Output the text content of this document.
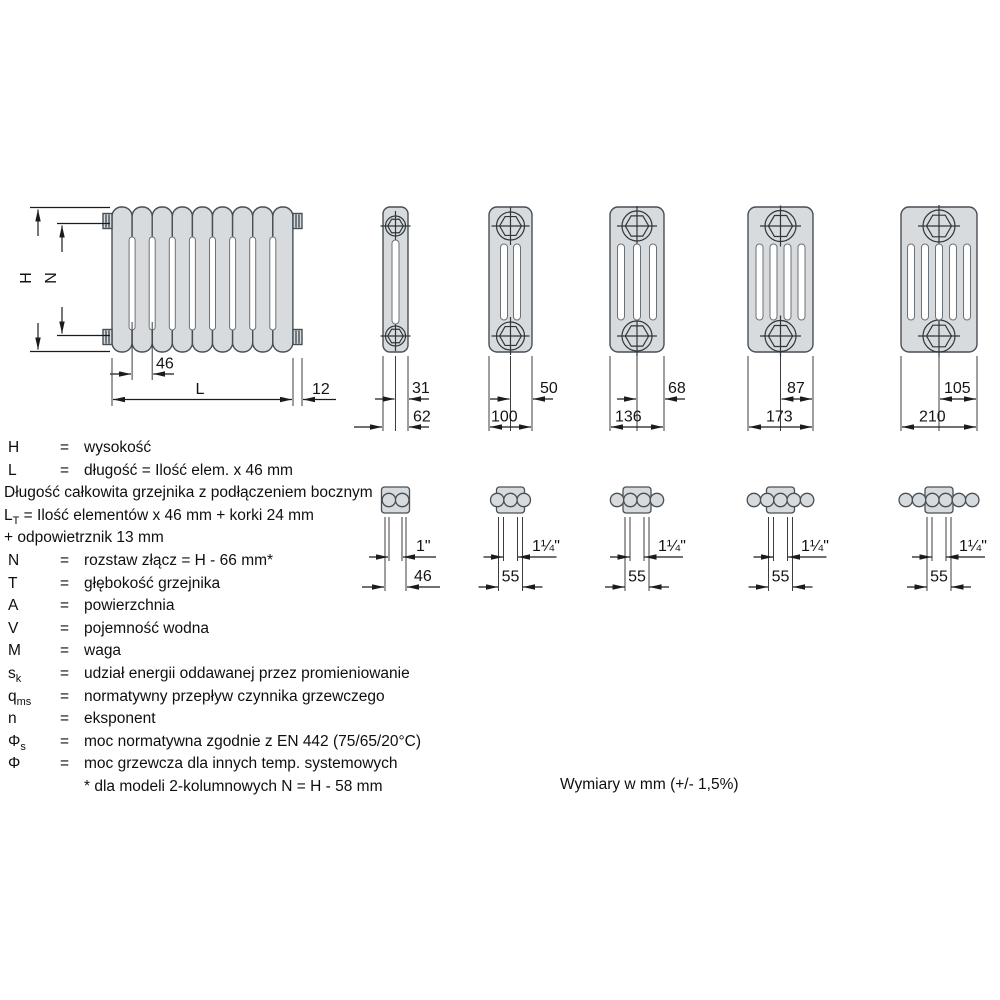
H N
46
L	12	31
62
50
100
68
136
87
173
105
210
1"
46
1¼"
55
1¼"
55
1¼"
55
1¼"
55
H	= wysokość
L	= długość = Ilość elem. x 46 mm
Długość całkowita grzejnika z podłączeniem bocznym
$L_T$ = Ilość elementów x 46 mm + korki 24 mm
+ odpowietrznik 13 mm
N	= rozstaw złącz = H - 66 mm*
T	= głębokość grzejnika
A	= powierzchnia
V	= pojemność wodna
M	= waga
$s_k$	= udział energii oddawanej przez promieniowanie
$q_{ms}$	= normatywny przepływ czynnika grzewczego
n	= eksponent
$\Phi_s$	= moc normatywna zgodnie z EN 442 (75/65/20°C)
Φ	= moc grzewcza dla innych temp. systemowych
* dla modeli 2-kolumnowych N = H - 58 mm	Wymiary w mm (+/- 1,5%)
